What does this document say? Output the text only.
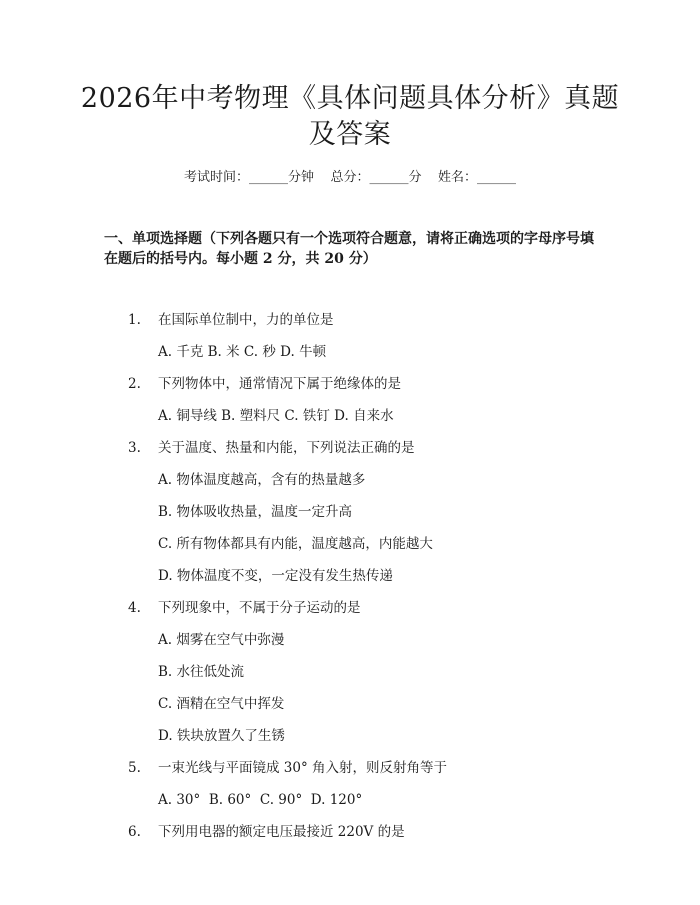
2026年中考物理《具体问题具体分析》真题
及答案
考试时间：______分钟    总分：______分    姓名：______
一、单项选择题（下列各题只有一个选项符合题意，请将正确选项的字母序号填
在题后的括号内。每小题 2 分，共 20 分）
1. 在国际单位制中，力的单位是
A. 千克 B. 米 C. 秒 D. 牛顿
2. 下列物体中，通常情况下属于绝缘体的是
A. 铜导线 B. 塑料尺 C. 铁钉 D. 自来水
3. 关于温度、热量和内能，下列说法正确的是
A. 物体温度越高，含有的热量越多
B. 物体吸收热量，温度一定升高
C. 所有物体都具有内能，温度越高，内能越大
D. 物体温度不变，一定没有发生热传递
4. 下列现象中，不属于分子运动的是
A. 烟雾在空气中弥漫
B. 水往低处流
C. 酒精在空气中挥发
D. 铁块放置久了生锈
5. 一束光线与平面镜成 30° 角入射，则反射角等于
A. 30°  B. 60°  C. 90°  D. 120°
6. 下列用电器的额定电压最接近 220V 的是
